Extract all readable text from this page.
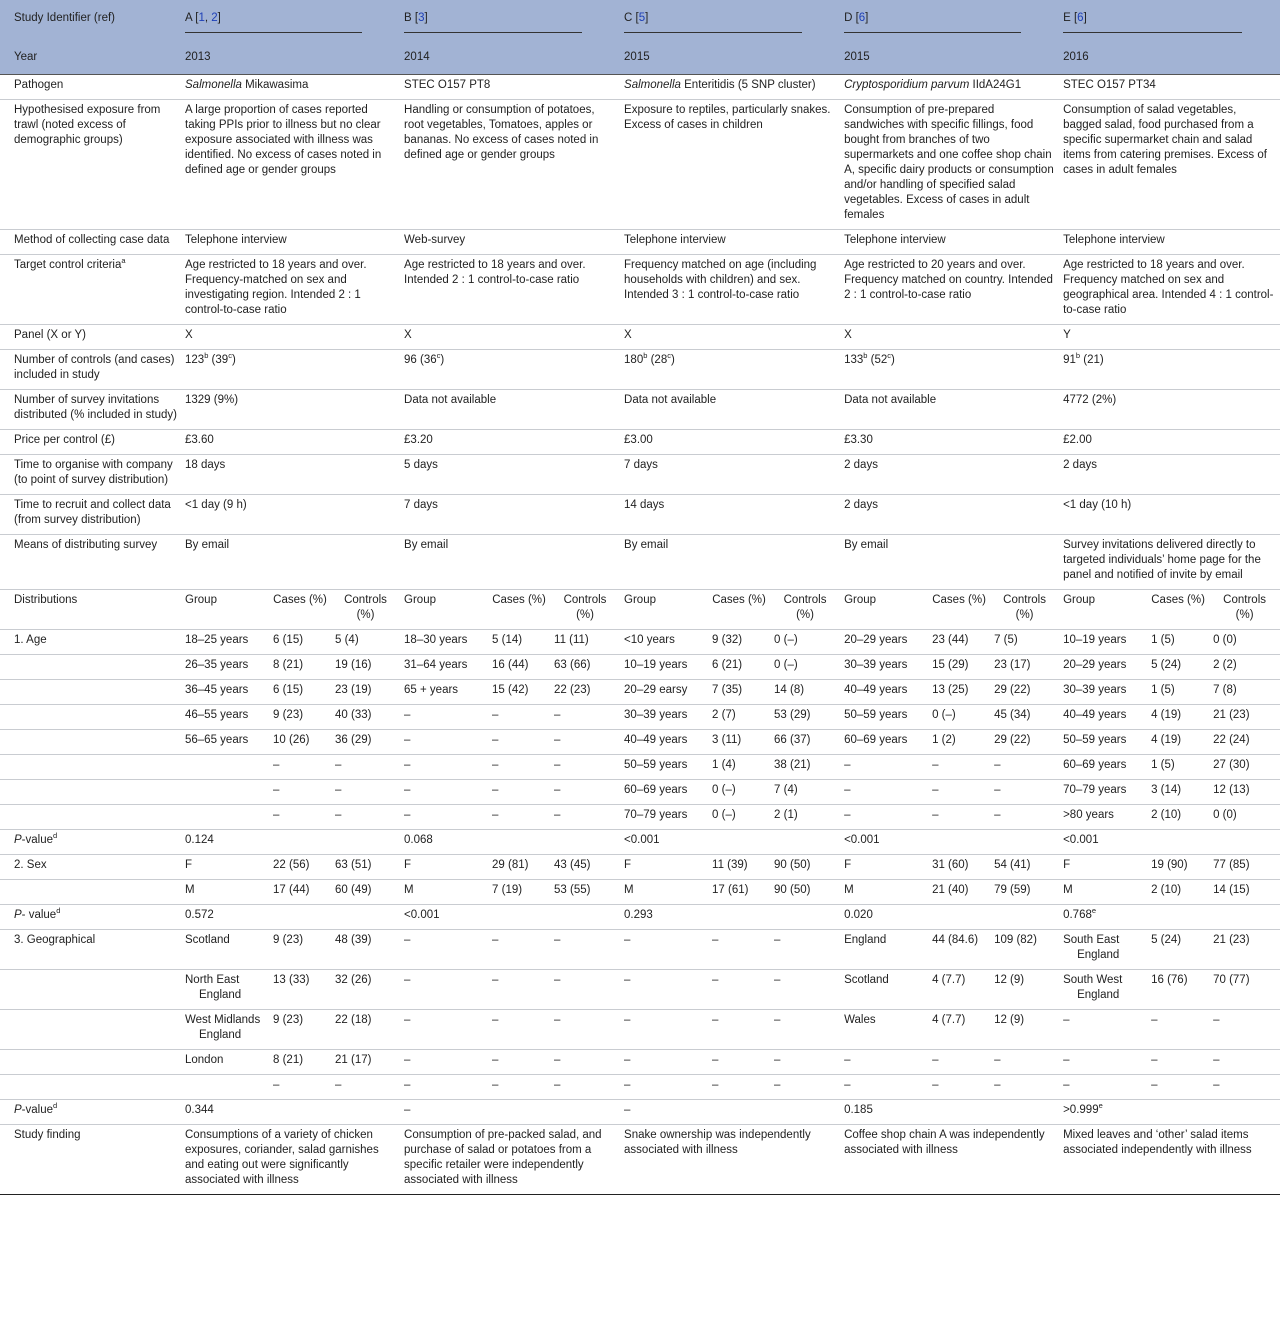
Study Identifier (ref)	A [1, 2]			B [3]			C [5]			D [6]			E [6]		

Year	2013			2014			2015			2015			2016		
Pathogen	Salmonella Mikawasima			STEC O157 PT8			Salmonella Enteritidis (5 SNP cluster)			Cryptosporidium parvum IIdA24G1			STEC O157 PT34		
Hypothesised exposure from trawl (noted excess of demographic groups)	A large proportion of cases reported taking PPIs prior to illness but no clear exposure associated with illness was identified. No excess of cases noted in defined age or gender groups			Handling or consumption of potatoes, root vegetables, Tomatoes, apples or bananas. No excess of cases noted in defined age or gender groups			Exposure to reptiles, particularly snakes. Excess of cases in children			Consumption of pre-prepared sandwiches with specific fillings, food bought from branches of two supermarkets and one coffee shop chain A, specific dairy products or consumption and/or handling of specified salad vegetables. Excess of cases in adult females			Consumption of salad vegetables, bagged salad, food purchased from a specific supermarket chain and salad items from catering premises. Excess of cases in adult females		
Method of collecting case data	Telephone interview			Web-survey			Telephone interview			Telephone interview			Telephone interview		
Target control criteria$^a$	Age restricted to 18 years and over. Frequency-matched on sex and investigating region. Intended 2 : 1 control-to-case ratio			Age restricted to 18 years and over. Intended 2 : 1 control-to-case ratio			Frequency matched on age (including households with children) and sex. Intended 3 : 1 control-to-case ratio			Age restricted to 20 years and over. Frequency matched on country. Intended 2 : 1 control-to-case ratio			Age restricted to 18 years and over. Frequency matched on sex and geographical area. Intended 4 : 1 control-to-case ratio		
Panel (X or Y)	X			X			X			X			Y		
Number of controls (and cases) included in study	123$^b$ (39$^c$)			96 (36$^c$)			180$^b$ (28$^c$)			133$^b$ (52$^c$)			91$^b$ (21)		
Number of survey invitations distributed (% included in study)	1329 (9%)			Data not available			Data not available			Data not available			4772 (2%)		
Price per control (£)	£3.60			£3.20			£3.00			£3.30			£2.00		
Time to organise with company (to point of survey distribution)	18 days			5 days			7 days			2 days			2 days		
Time to recruit and collect data (from survey distribution)	<1 day (9 h)			7 days			14 days			2 days			<1 day (10 h)		
Means of distributing survey	By email			By email			By email			By email			Survey invitations delivered directly to targeted individuals’ home page for the panel and notified of invite by email		
Distributions	Group	Cases (%)	Controls (%)	Group	Cases (%)	Controls (%)	Group	Cases (%)	Controls (%)	Group	Cases (%)	Controls (%)	Group	Cases (%)	Controls (%)
1. Age	18–25 years	6 (15)	5 (4)	18–30 years	5 (14)	11 (11)	<10 years	9 (32)	0 (–)	20–29 years	23 (44)	7 (5)	10–19 years	1 (5)	0 (0)
	26–35 years	8 (21)	19 (16)	31–64 years	16 (44)	63 (66)	10–19 years	6 (21)	0 (–)	30–39 years	15 (29)	23 (17)	20–29 years	5 (24)	2 (2)
	36–45 years	6 (15)	23 (19)	65 + years	15 (42)	22 (23)	20–29 earsy	7 (35)	14 (8)	40–49 years	13 (25)	29 (22)	30–39 years	1 (5)	7 (8)
	46–55 years	9 (23)	40 (33)	–	–	–	30–39 years	2 (7)	53 (29)	50–59 years	0 (–)	45 (34)	40–49 years	4 (19)	21 (23)
	56–65 years	10 (26)	36 (29)	–	–	–	40–49 years	3 (11)	66 (37)	60–69 years	1 (2)	29 (22)	50–59 years	4 (19)	22 (24)
		–	–	–	–	–	50–59 years	1 (4)	38 (21)	–	–	–	60–69 years	1 (5)	27 (30)
		–	–	–	–	–	60–69 years	0 (–)	7 (4)	–	–	–	70–79 years	3 (14)	12 (13)
		–	–	–	–	–	70–79 years	0 (–)	2 (1)	–	–	–	>80 years	2 (10)	0 (0)
P-value$^d$	0.124			0.068			<0.001			<0.001			<0.001		
2. Sex	F	22 (56)	63 (51)	F	29 (81)	43 (45)	F	11 (39)	90 (50)	F	31 (60)	54 (41)	F	19 (90)	77 (85)
	M	17 (44)	60 (49)	M	7 (19)	53 (55)	M	17 (61)	90 (50)	M	21 (40)	79 (59)	M	2 (10)	14 (15)
P- value$^d$	0.572			<0.001			0.293			0.020			0.768e
3. Geographical	Scotland	9 (23)	48 (39)	–	–	–	–	–	–	England	44 (84.6)	109 (82)	South East England	5 (24)	21 (23)
	North East England	13 (33)	32 (26)	–	–	–	–	–	–	Scotland	4 (7.7)	12 (9)	South West England	16 (76)	70 (77)
	West Midlands England	9 (23)	22 (18)	–	–	–	–	–	–	Wales	4 (7.7)	12 (9)	–	–	–
	London	8 (21)	21 (17)	–	–	–	–	–	–	–	–	–	–	–	–
		–	–	–	–	–	–	–	–	–	–	–	–	–	–
P-value$^d$	0.344			–			–			0.185			>0.999$^e$
Study finding	Consumptions of a variety of chicken exposures, coriander, salad garnishes and eating out were significantly associated with illness			Consumption of pre-packed salad, and purchase of salad or potatoes from a specific retailer were independently associated with illness			Snake ownership was independently associated with illness			Coffee shop chain A was independently associated with illness			Mixed leaves and ‘other’ salad items associated independently with illness		
